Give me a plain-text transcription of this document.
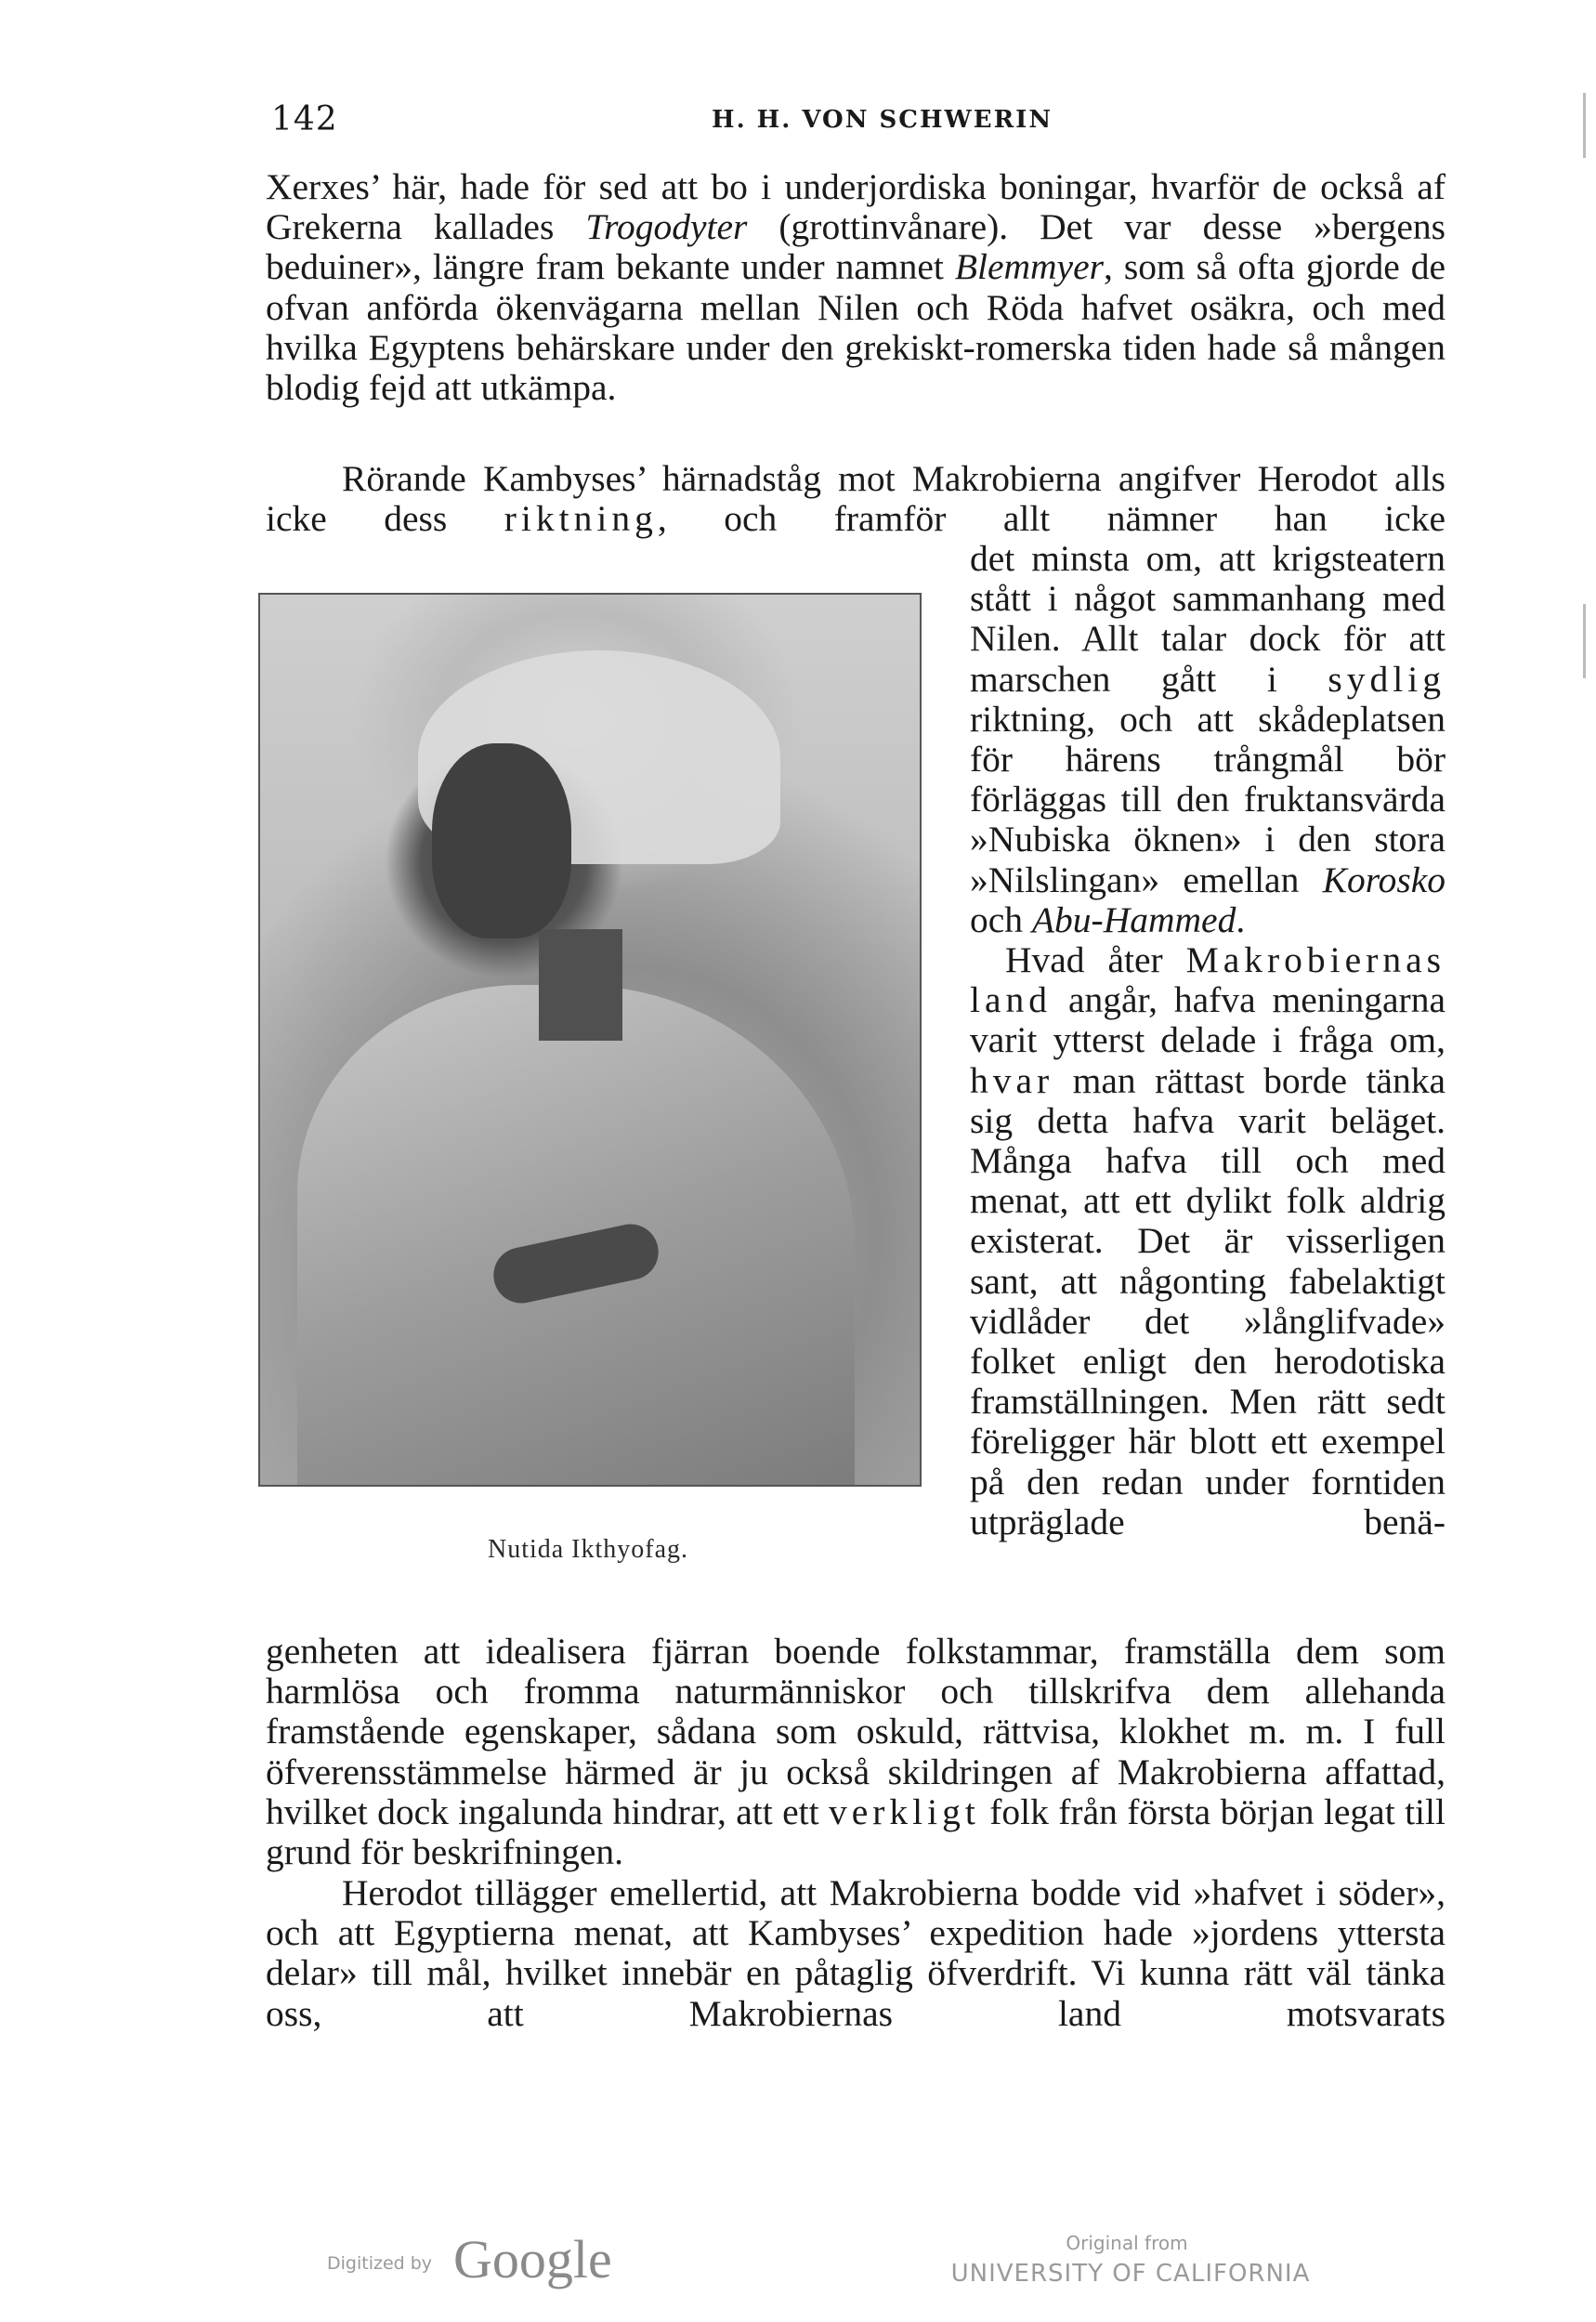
142	H. H. VON SCHWERIN

Xerxes’ här, hade för sed att bo i underjordiska boningar, hvarför de också af Grekerna kallades Trogodyter (grottinvånare). Det var desse »bergens beduiner», längre fram bekante under namnet Blemmyer, som så ofta gjorde de ofvan anförda ökenvägarna mellan Nilen och Röda hafvet osäkra, och med hvilka Egyptens behärskare under den grekiskt-romerska tiden hade så mången blodig fejd att utkämpa.

Rörande Kambyses’ härnadståg mot Makrobierna angifver Herodot alls icke dess riktning, och framför allt nämner han icke

Nutida Ikthyofag.

det minsta om, att krigsteatern stått i något sammanhang med Nilen. Allt talar dock för att marschen gått i sydlig riktning, och att skådeplatsen för härens trångmål bör förläggas till den fruktansvärda »Nubiska öknen» i den stora »Nilslingan» emellan Korosko och Abu-Hammed.

Hvad åter Makrobiernas land angår, hafva meningarna varit ytterst delade i fråga om, hvar man rättast borde tänka sig detta hafva varit beläget. Många hafva till och med menat, att ett dylikt folk aldrig existerat. Det är visserligen sant, att någonting fabelaktigt vidlåder det »långlifvade» folket enligt den herodotiska framställningen. Men rätt sedt föreligger här blott ett exempel på den redan under forntiden utpräglade benä-

genheten att idealisera fjärran boende folkstammar, framställa dem som harmlösa och fromma naturmänniskor och tillskrifva dem allehanda framstående egenskaper, sådana som oskuld, rättvisa, klokhet m. m. I full öfverensstämmelse härmed är ju också skildringen af Makrobierna affattad, hvilket dock ingalunda hindrar, att ett verkligt folk från första början legat till grund för beskrifningen.

Herodot tillägger emellertid, att Makrobierna bodde vid »hafvet i söder», och att Egyptierna menat, att Kambyses’ expedition hade »jordens yttersta delar» till mål, hvilket innebär en påtaglig öfverdrift. Vi kunna rätt väl tänka oss, att Makrobiernas land motsvarats

Digitized by Google	Original from
UNIVERSITY OF CALIFORNIA
